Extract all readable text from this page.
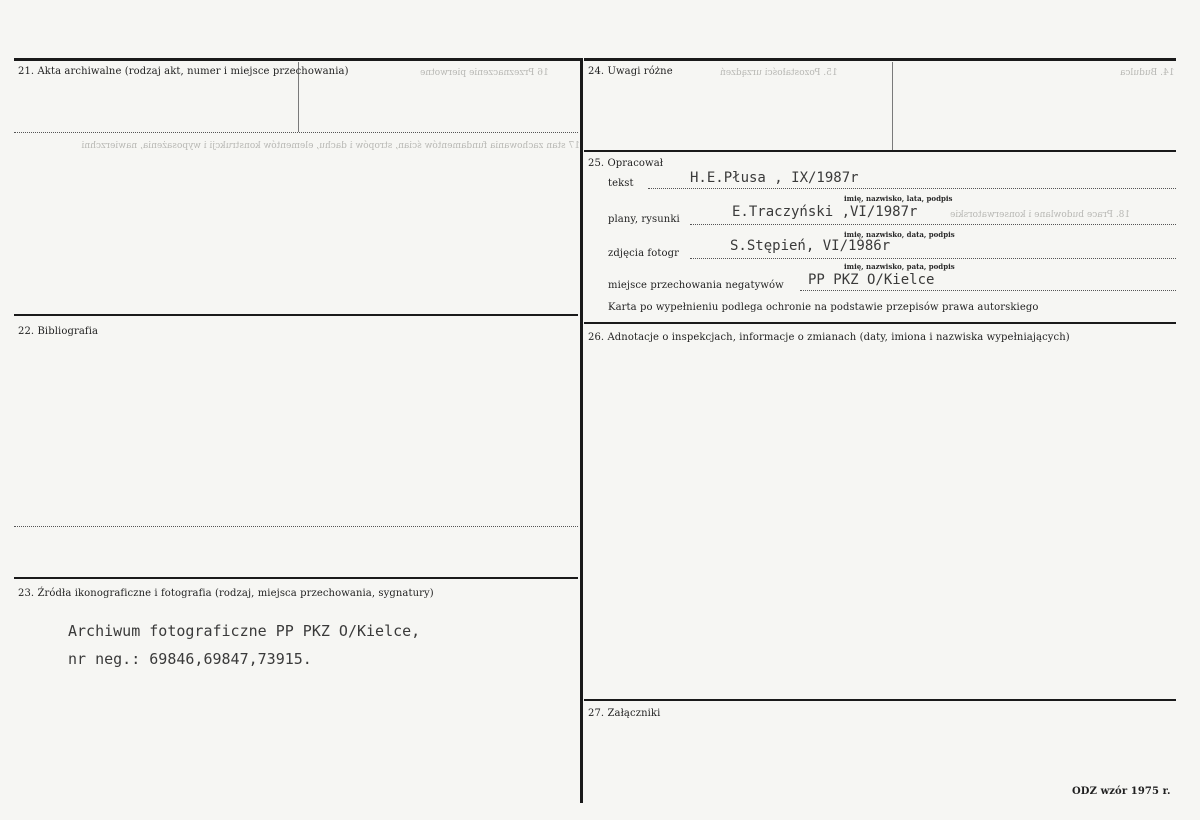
16 Przeznaczenie pierwotne	15. Pozostałości urządzeń	14. Budulca
18. Prace budowlane i konserwatorskie
17 stan zachowania fundamentów ścian, stropów i dachu, elementów konstrukcji i wyposażenia, nawierzchni
21. Akta archiwalne (rodzaj akt, numer i miejsce przechowania)
22. Bibliografia
23. Źródła ikonograficzne i fotografia (rodzaj, miejsca przechowania, sygnatury)
Archiwum fotograficzne PP PKZ O/Kielce,
nr neg.: 69846,69847,73915.
24. Uwagi różne
25. Opracował
tekst	H.E.Płusa , IX/1987r
imię, nazwisko, lata, podpis
plany, rysunki	E.Traczyński ,VI/1987r
imię, nazwisko, data, podpis
zdjęcia fotogr	S.Stępień, VI/1986r
imię, nazwisko, pata, podpis
miejsce przechowania negatywów PP PKZ O/Kielce
Karta po wypełnieniu podlega ochronie na podstawie przepisów prawa autorskiego
26. Adnotacje o inspekcjach, informacje o zmianach (daty, imiona i nazwiska wypełniających)
27. Załączniki
ODZ wzór 1975 r.
